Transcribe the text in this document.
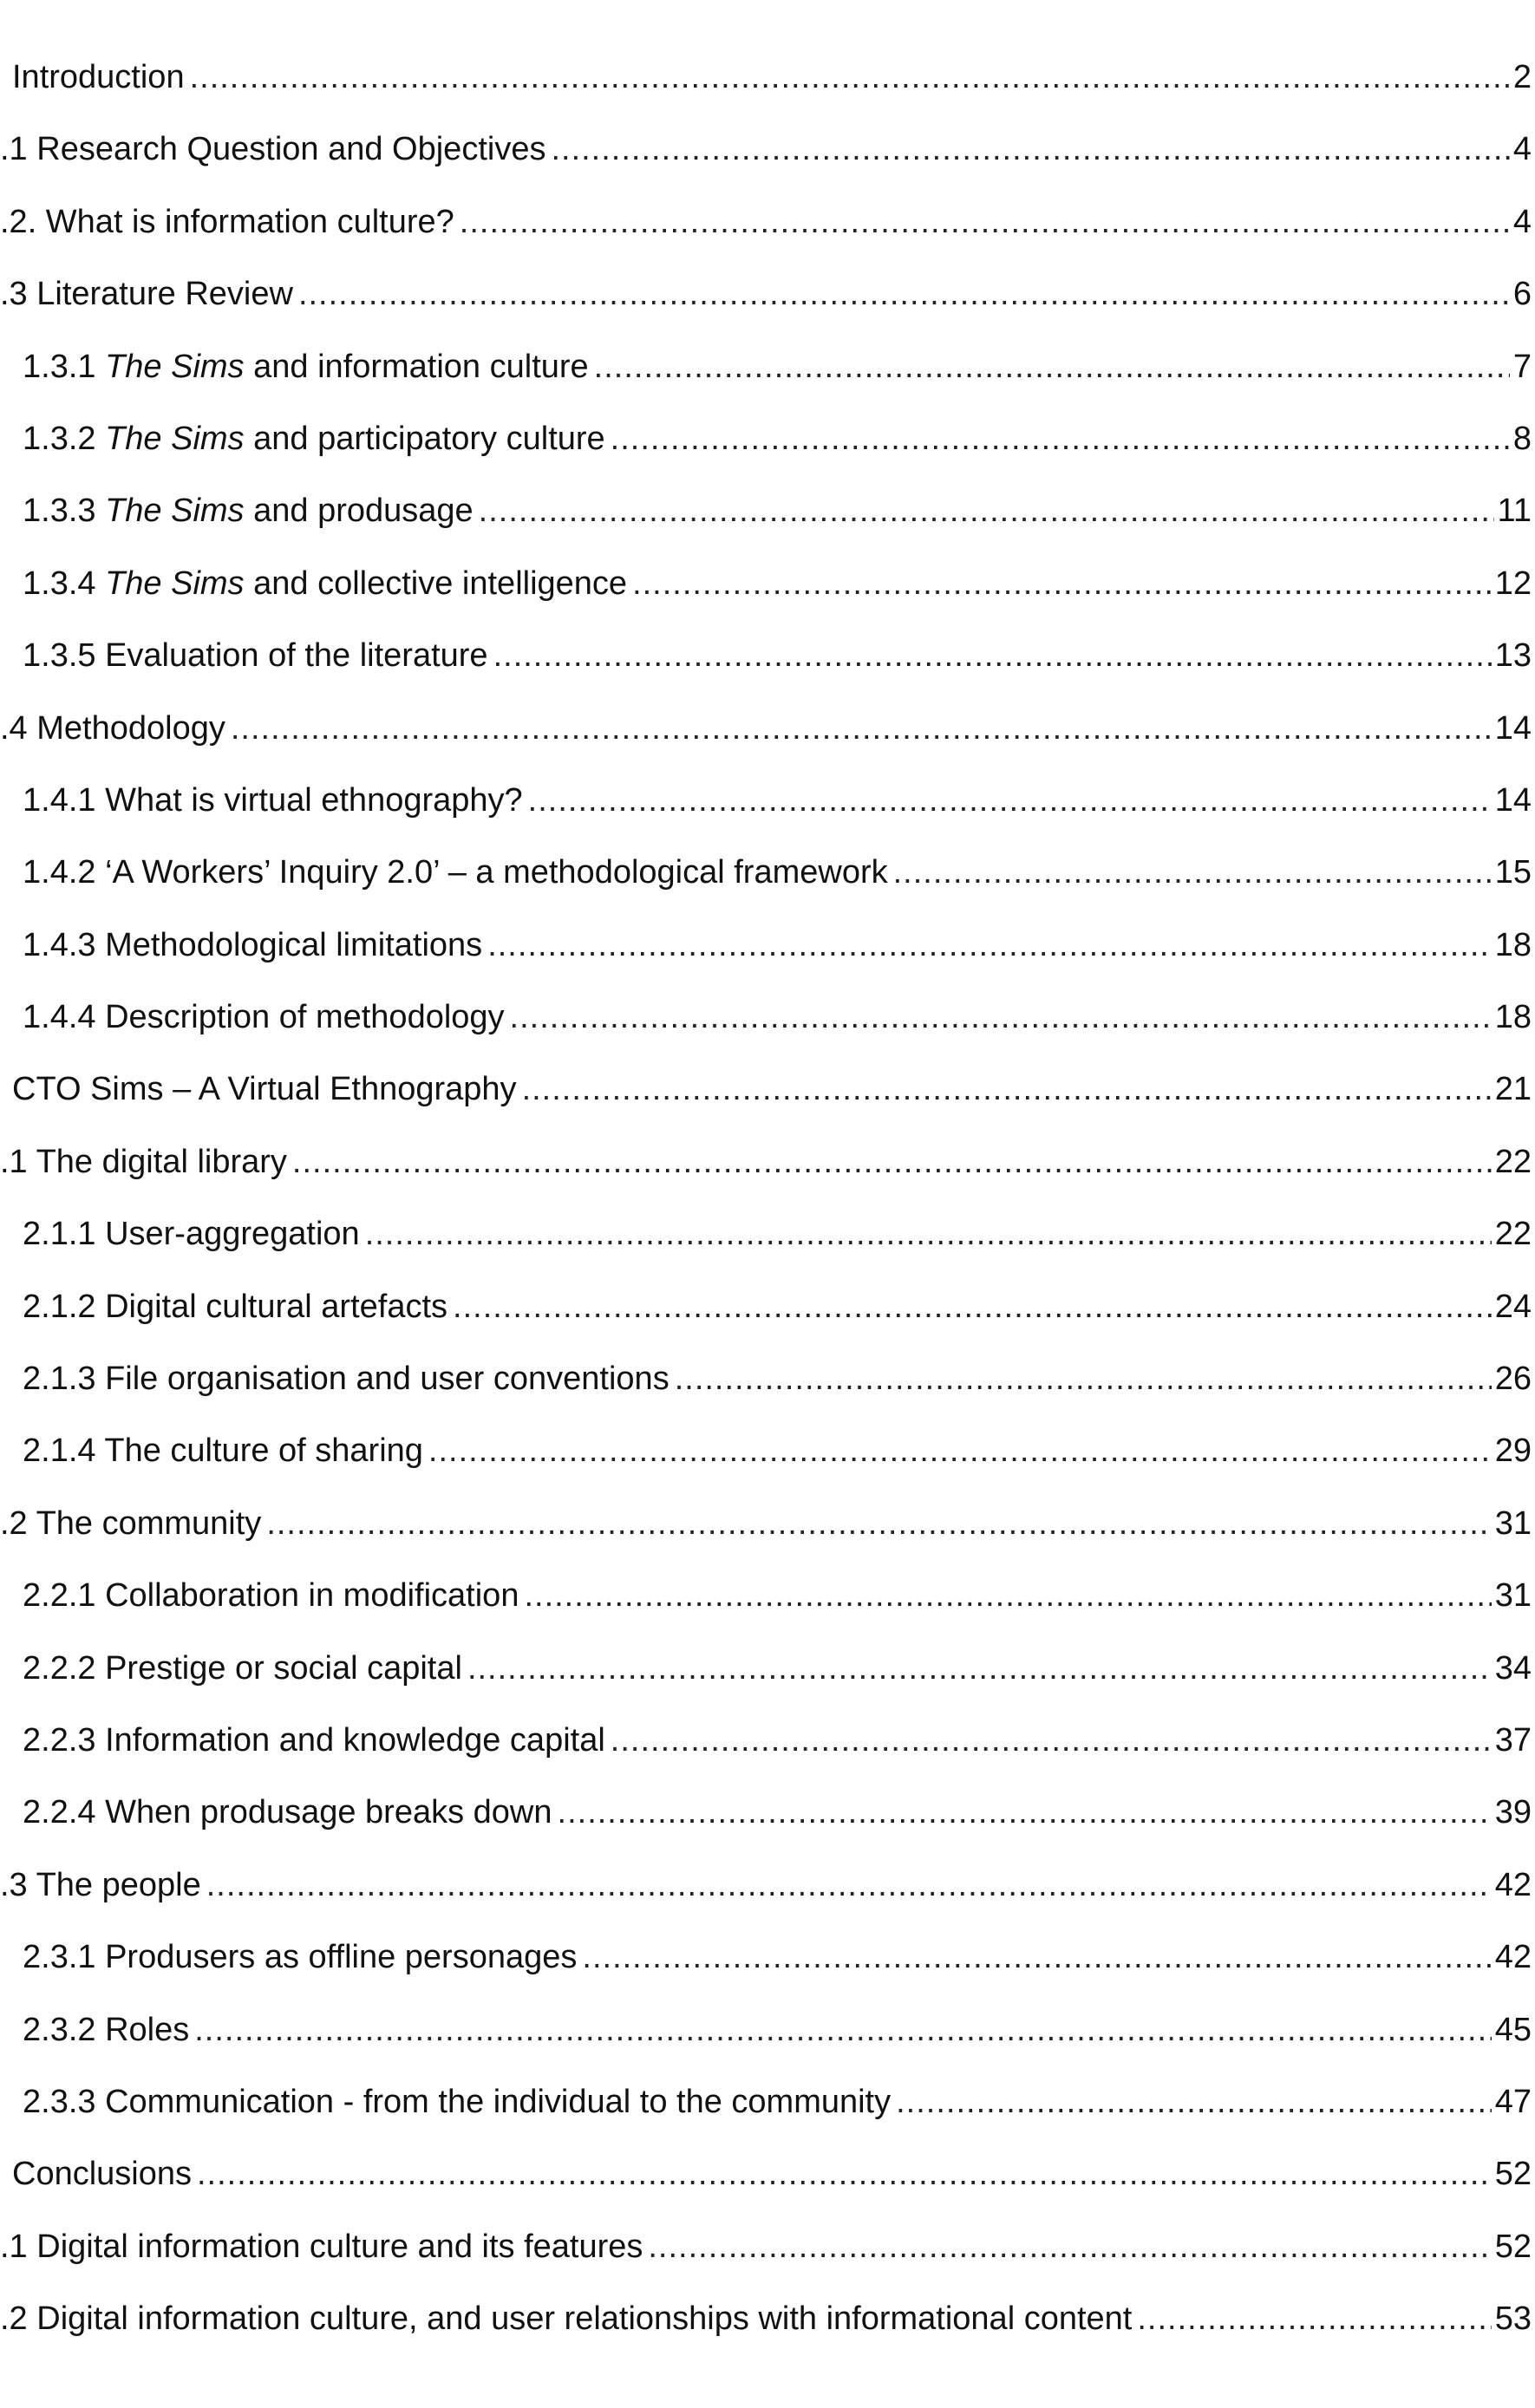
Introduction .....	2
.1 Research Question and Objectives .....	4
.2. What is information culture? .....	4
.3 Literature Review .....	6
1.3.1 The Sims and information culture .....	7
1.3.2 The Sims and participatory culture .....	8
1.3.3 The Sims and produsage .....	11
1.3.4 The Sims and collective intelligence .....	12
1.3.5 Evaluation of the literature .....	13
.4 Methodology .....	14
1.4.1 What is virtual ethnography? .....	14
1.4.2 ‘A Workers’ Inquiry 2.0’ – a methodological framework .....	15
1.4.3 Methodological limitations .....	18
1.4.4 Description of methodology .....	18
CTO Sims – A Virtual Ethnography .....	21
.1 The digital library .....	22
2.1.1 User-aggregation .....	22
2.1.2 Digital cultural artefacts .....	24
2.1.3 File organisation and user conventions .....	26
2.1.4 The culture of sharing .....	29
.2 The community .....	31
2.2.1 Collaboration in modification .....	31
2.2.2 Prestige or social capital .....	34
2.2.3 Information and knowledge capital .....	37
2.2.4 When produsage breaks down .....	39
.3 The people .....	42
2.3.1 Produsers as offline personages .....	42
2.3.2 Roles .....	45
2.3.3 Communication - from the individual to the community .....	47
Conclusions .....	52
.1 Digital information culture and its features .....	52
.2 Digital information culture, and user relationships with informational content .....	53
